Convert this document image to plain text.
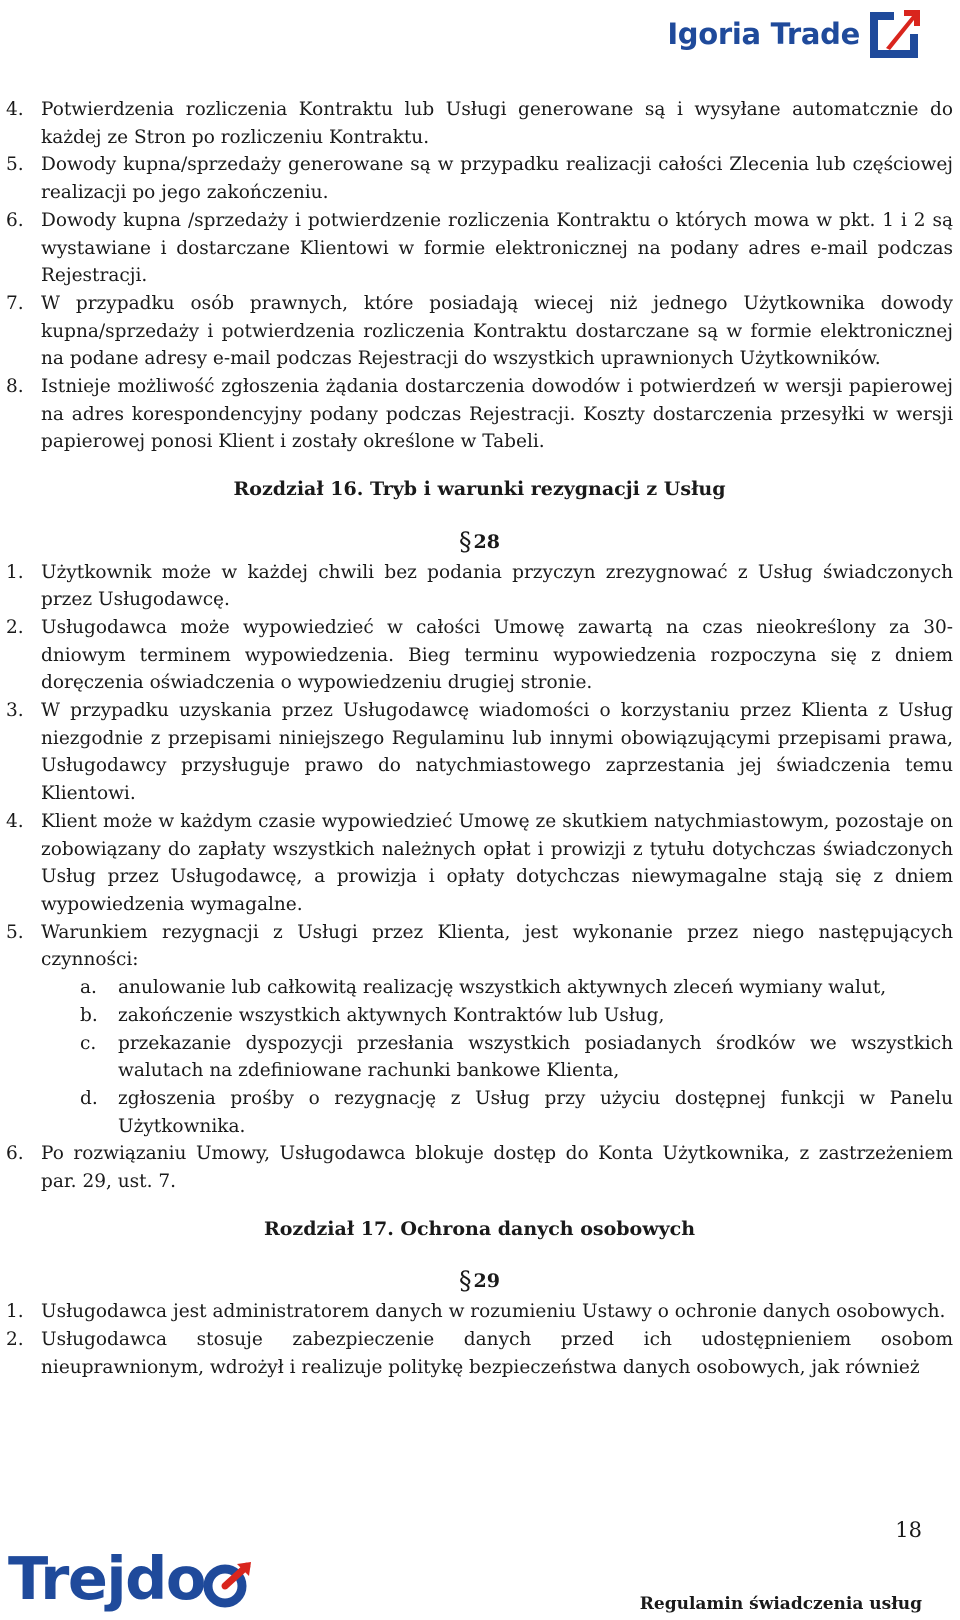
Igoria Trade
4. Potwierdzenia rozliczenia Kontraktu lub Usługi generowane są i wysyłane automatcznie do każdej ze Stron po rozliczeniu Kontraktu.
5. Dowody kupna/sprzedaży generowane są w przypadku realizacji całości Zlecenia lub częściowej realizacji po jego zakończeniu.
6. Dowody kupna /sprzedaży i potwierdzenie rozliczenia Kontraktu o których mowa w pkt. 1 i 2 są wystawiane i dostarczane Klientowi w formie elektronicznej na podany adres e-mail podczas Rejestracji.
7. W przypadku osób prawnych, które posiadają wiecej niż jednego Użytkownika dowody kupna/sprzedaży i potwierdzenia rozliczenia Kontraktu dostarczane są w formie elektronicznej na podane adresy e-mail podczas Rejestracji do wszystkich uprawnionych Użytkowników.
8. Istnieje możliwość zgłoszenia żądania dostarczenia dowodów i potwierdzeń w wersji papierowej na adres korespondencyjny podany podczas Rejestracji. Koszty dostarczenia przesyłki w wersji papierowej ponosi Klient i zostały określone w Tabeli.
Rozdział 16. Tryb i warunki rezygnacji z Usług
§ 28
1. Użytkownik może w każdej chwili bez podania przyczyn zrezygnować z Usług świadczonych przez Usługodawcę.
2. Usługodawca może wypowiedzieć w całości Umowę zawartą na czas nieokreślony za 30-dniowym terminem wypowiedzenia. Bieg terminu wypowiedzenia rozpoczyna się z dniem doręczenia oświadczenia o wypowiedzeniu drugiej stronie.
3. W przypadku uzyskania przez Usługodawcę wiadomości o korzystaniu przez Klienta z Usług niezgodnie z przepisami niniejszego Regulaminu lub innymi obowiązującymi przepisami prawa, Usługodawcy przysługuje prawo do natychmiastowego zaprzestania jej świadczenia temu Klientowi.
4. Klient może w każdym czasie wypowiedzieć Umowę ze skutkiem natychmiastowym, pozostaje on zobowiązany do zapłaty wszystkich należnych opłat i prowizji z tytułu dotychczas świadczonych Usług przez Usługodawcę, a prowizja i opłaty dotychczas niewymagalne stają się z dniem wypowiedzenia wymagalne.
5. Warunkiem rezygnacji z Usługi przez Klienta, jest wykonanie przez niego następujących czynności:
a.	anulowanie lub całkowitą realizację wszystkich aktywnych zleceń wymiany walut,
b.	zakończenie wszystkich aktywnych Kontraktów lub Usług,
c.	przekazanie dyspozycji przesłania wszystkich posiadanych środków we wszystkich walutach na zdefiniowane rachunki bankowe Klienta,
d.	zgłoszenia prośby o rezygnację z Usług przy użyciu dostępnej funkcji w Panelu Użytkownika.
6. Po rozwiązaniu Umowy, Usługodawca blokuje dostęp do Konta Użytkownika, z zastrzeżeniem par. 29, ust. 7.
Rozdział 17. Ochrona danych osobowych
§ 29
1. Usługodawca jest administratorem danych w rozumieniu Ustawy o ochronie danych osobowych.
2. Usługodawca stosuje zabezpieczenie danych przed ich udostępnieniem osobom nieuprawnionym, wdrożył i realizuje politykę bezpieczeństwa danych osobowych, jak również
18
Trejdo	Regulamin świadczenia usług
